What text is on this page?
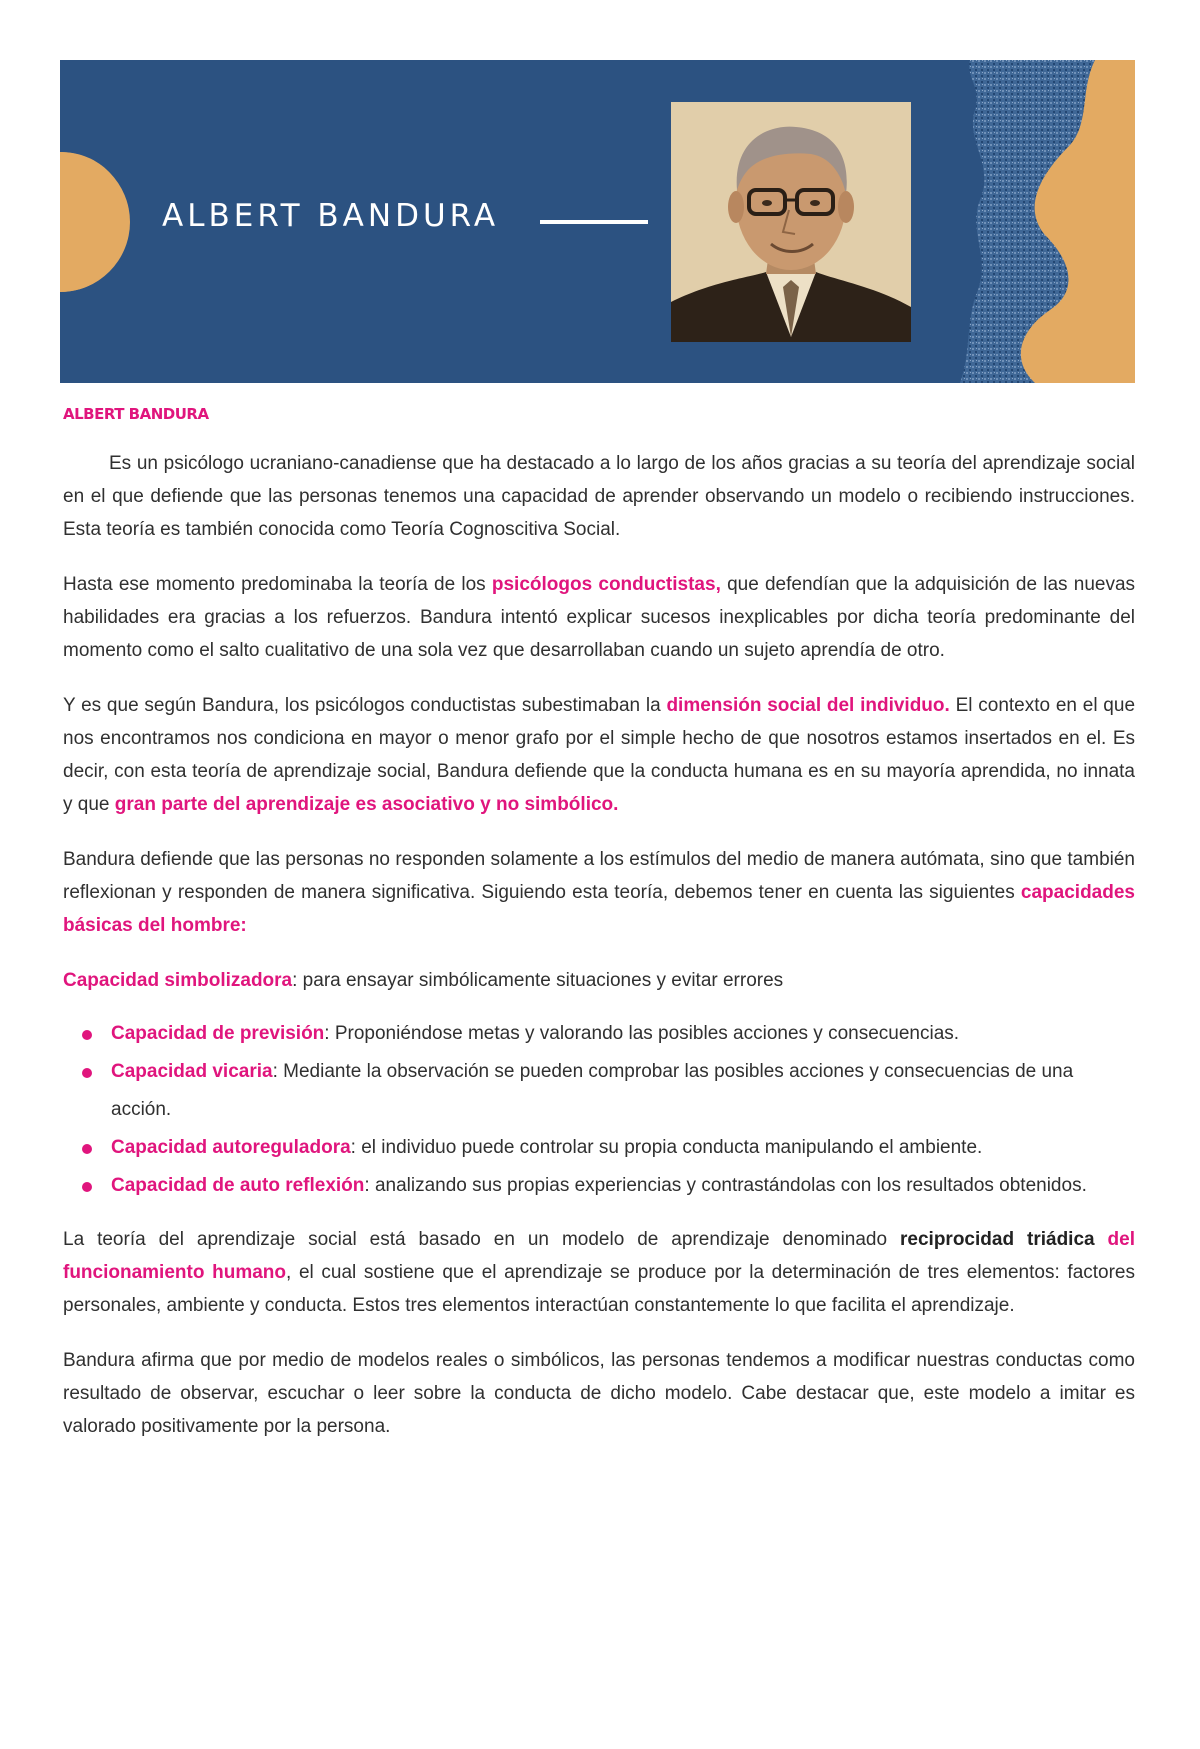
ALBERT BANDURA
ALBERT BANDURA

Es un psicólogo ucraniano-canadiense que ha destacado a lo largo de los años gracias a su teoría del aprendizaje social en el que defiende que las personas tenemos una capacidad de aprender observando un modelo o recibiendo instrucciones. Esta teoría es también conocida como Teoría Cognoscitiva Social.

Hasta ese momento predominaba la teoría de los psicólogos conductistas, que defendían que la adquisición de las nuevas habilidades era gracias a los refuerzos. Bandura intentó explicar sucesos inexplicables por dicha teoría predominante del momento como el salto cualitativo de una sola vez que desarrollaban cuando un sujeto aprendía de otro.

Y es que según Bandura, los psicólogos conductistas subestimaban la dimensión social del individuo. El contexto en el que nos encontramos nos condiciona en mayor o menor grafo por el simple hecho de que nosotros estamos insertados en el. Es decir, con esta teoría de aprendizaje social, Bandura defiende que la conducta humana es en su mayoría aprendida, no innata y que gran parte del aprendizaje es asociativo y no simbólico.

Bandura defiende que las personas no responden solamente a los estímulos del medio de manera autómata, sino que también reflexionan y responden de manera significativa. Siguiendo esta teoría, debemos tener en cuenta las siguientes capacidades básicas del hombre:

Capacidad simbolizadora: para ensayar simbólicamente situaciones y evitar errores

Capacidad de previsión: Proponiéndose metas y valorando las posibles acciones y consecuencias.
Capacidad vicaria: Mediante la observación se pueden comprobar las posibles acciones y consecuencias de una acción.
Capacidad autoreguladora: el individuo puede controlar su propia conducta manipulando el ambiente.
Capacidad de auto reflexión: analizando sus propias experiencias y contrastándolas con los resultados obtenidos.

La teoría del aprendizaje social está basado en un modelo de aprendizaje denominado reciprocidad triádica del funcionamiento humano, el cual sostiene que el aprendizaje se produce por la determinación de tres elementos: factores personales, ambiente y conducta. Estos tres elementos interactúan constantemente lo que facilita el aprendizaje.

Bandura afirma que por medio de modelos reales o simbólicos, las personas tendemos a modificar nuestras conductas como resultado de observar, escuchar o leer sobre la conducta de dicho modelo. Cabe destacar que, este modelo a imitar es valorado positivamente por la persona.
